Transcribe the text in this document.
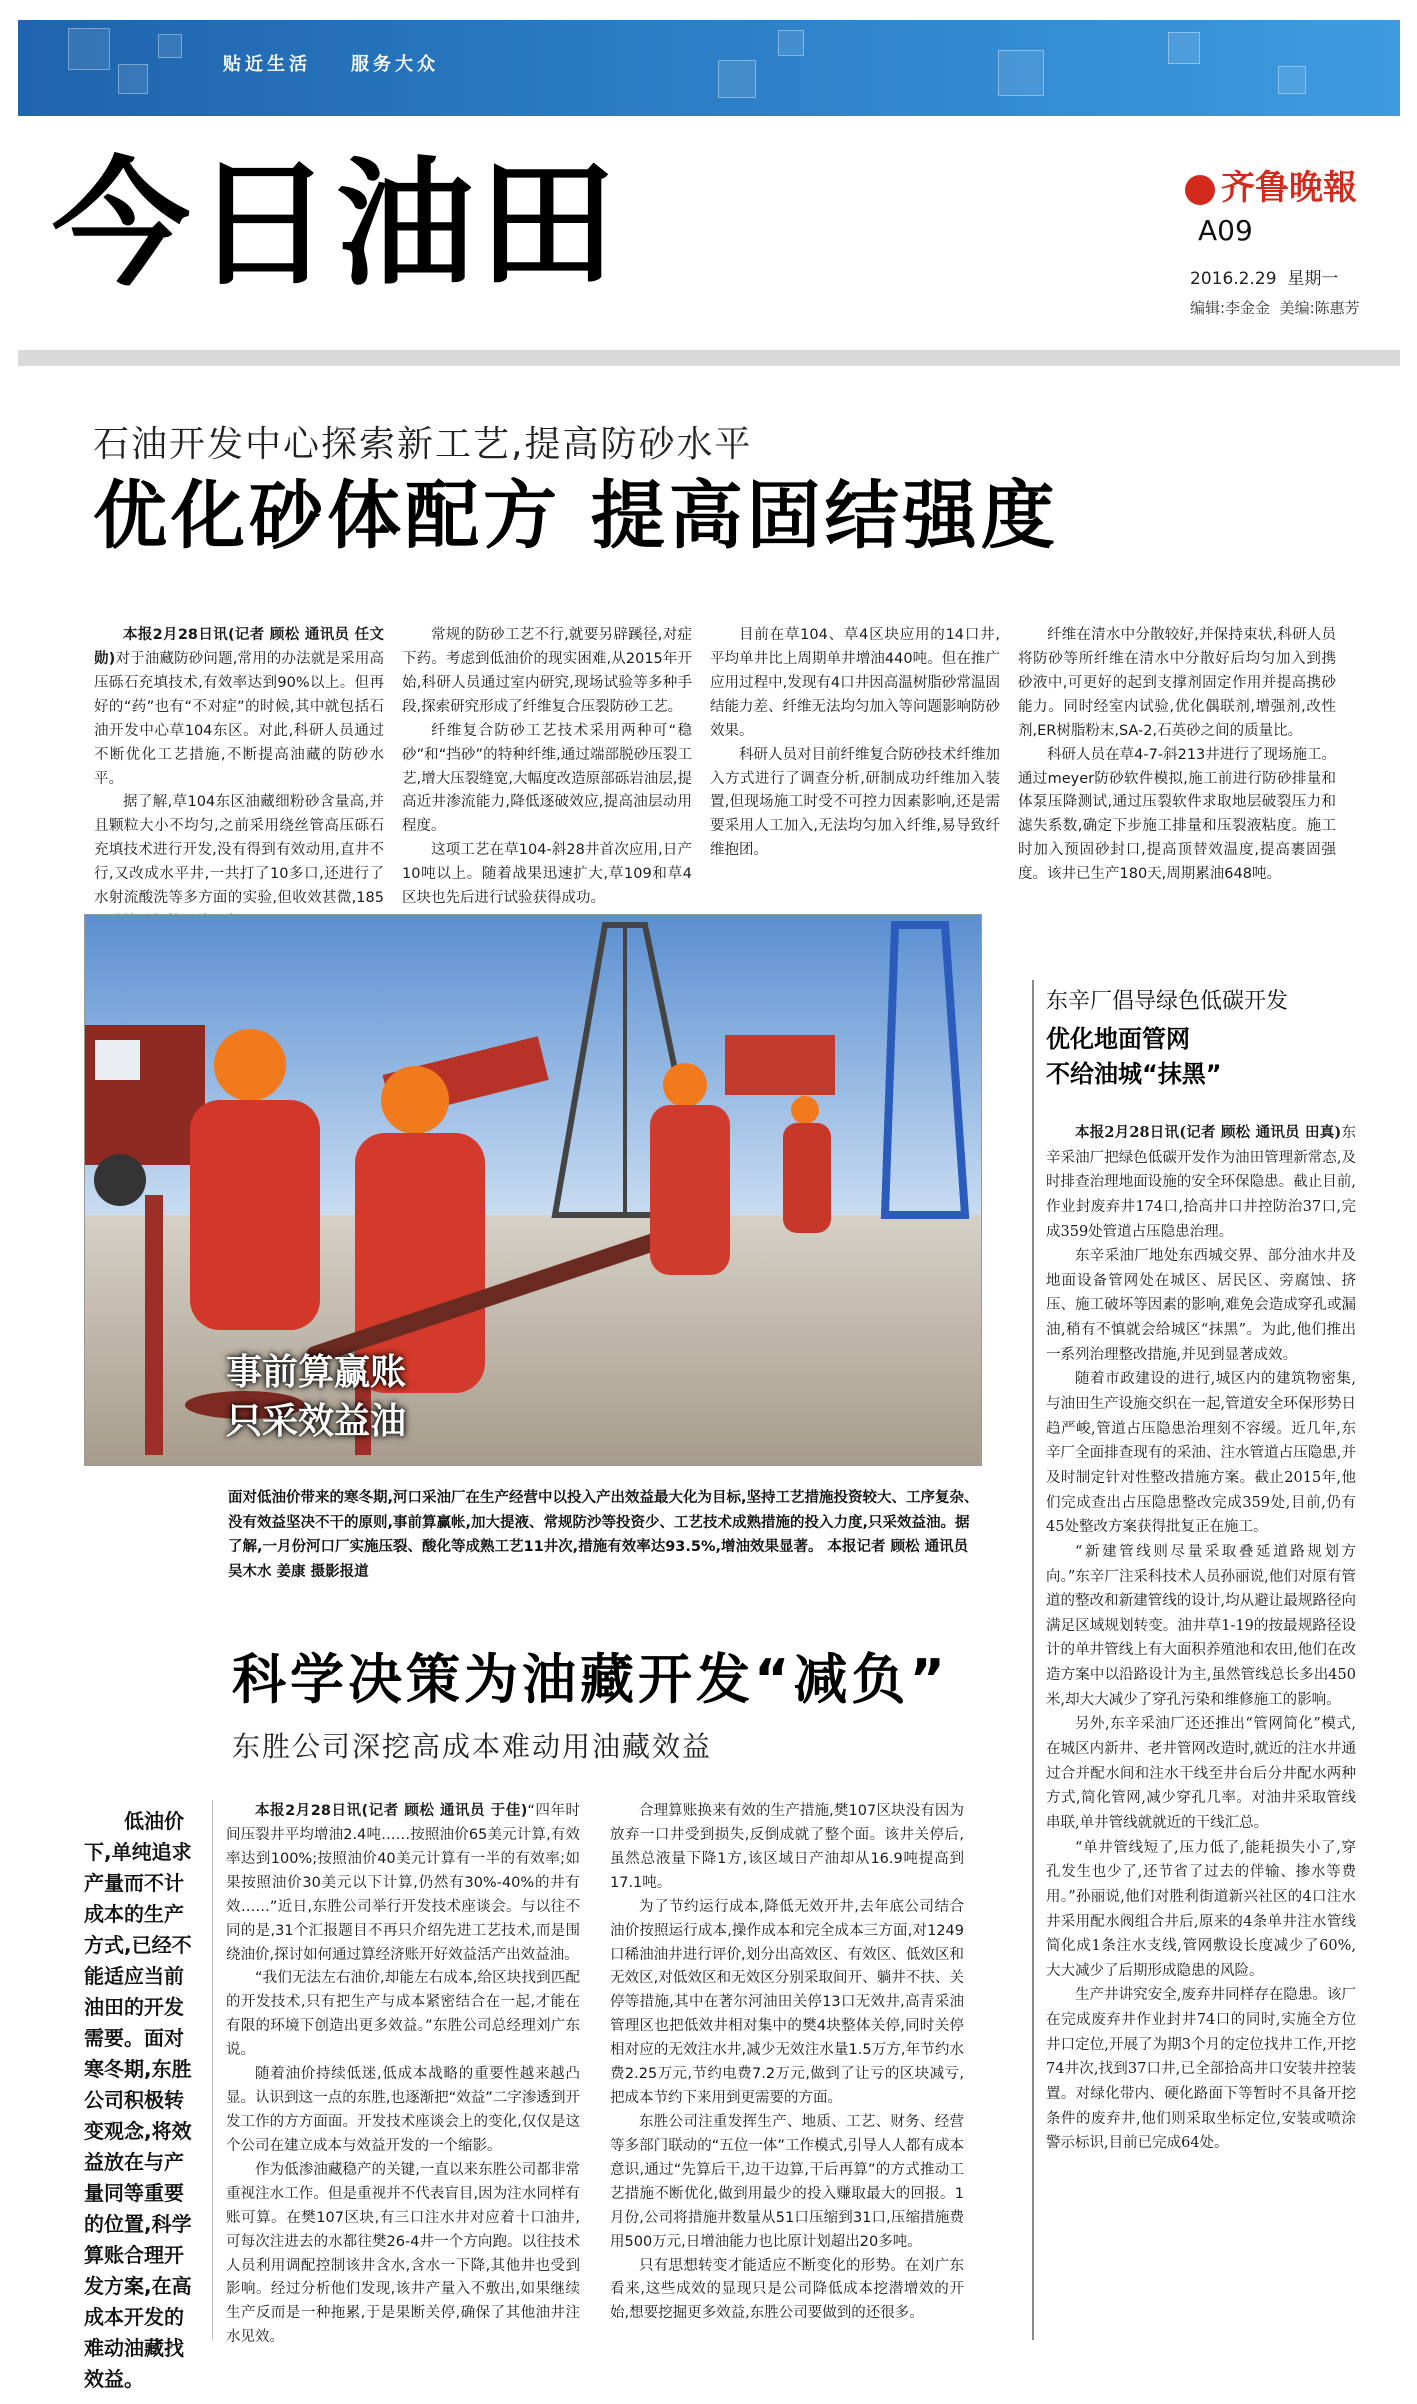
贴近生活 服务大众
今日油田	齐鲁晚報
A09
2016.2.29 星期一
编辑:李金金 美编:陈惠芳
石油开发中心探索新工艺,提高防砂水平
优化砂体配方 提高固结强度

本报2月28日讯(记者 顾松 通讯员 任文勋)对于油藏防砂问题,常用的办法就是采用高压砾石充填技术,有效率达到90%以上。但再好的“药”也有“不对症”的时候,其中就包括石油开发中心草104东区。对此,科研人员通过不断优化工艺措施,不断提高油藏的防砂水平。

据了解,草104东区油藏细粉砂含量高,并且颗粒大小不均匀,之前采用绕丝管高压砾石充填技术进行开发,没有得到有效动用,直井不行,又改成水平井,一共打了10多口,还进行了水射流酸洗等多方面的实验,但收效甚微,185

常规的防砂工艺不行,就要另辟蹊径,对症下药。考虑到低油价的现实困难,从2015年开始,科研人员通过室内研究,现场试验等多种手段,探索研究形成了纤维复合压裂防砂工艺。

纤维复合防砂工艺技术采用两种可“稳砂”和“挡砂”的特种纤维,通过端部脱砂压裂工艺,增大压裂缝宽,大幅度改造原部砾岩油层,提高近井渗流能力,降低逐破效应,提高油层动用程度。

这项工艺在草104-斜28井首次应用,日产10吨以上。随着战果迅速扩大,草109和草4区块也先后进行试验获得成功。

目前在草104、草4区块应用的14口井,平均单井比上周期单井增油440吨。但在推广应用过程中,发现有4口井因高温树脂砂常温固结能力差、纤维无法均匀加入等问题影响防砂效果。

科研人员对目前纤维复合防砂技术纤维加入方式进行了调查分析,研制成功纤维加入装置,但现场施工时受不可控力因素影响,还是需要采用人工加入,无法均匀加入纤维,易导致纤维抱团。

纤维在清水中分散较好,并保持束状,科研人员将防砂等所纤维在清水中分散好后均匀加入到携砂液中,可更好的起到支撑剂固定作用并提高携砂能力。同时经室内试验,优化偶联剂,增强剂,改性剂,ER树脂粉末,SA-2,石英砂之间的质量比。

科研人员在草4-7-斜213井进行了现场施工。通过meyer防砂软件模拟,施工前进行防砂排量和体泵压降测试,通过压裂软件求取地层破裂压力和滤失系数,确定下步施工排量和压裂液粘度。施工时加入预固砂封口,提高顶替效温度,提高裹固强度。该井已生产180天,周期累油648吨。

事前算赢账
只采效益油
面对低油价带来的寒冬期,河口采油厂在生产经营中以投入产出效益最大化为目标,坚持工艺措施投资较大、工序复杂、没有效益坚决不干的原则,事前算赢帐,加大提液、常规防沙等投资少、工艺技术成熟措施的投入力度,只采效益油。据了解,一月份河口厂实施压裂、酸化等成熟工艺11井次,措施有效率达93.5%,增油效果显著。 本报记者 顾松 通讯员 吴木水 姜康 摄影报道
东辛厂倡导绿色低碳开发
优化地面管网
不给油城“抹黑”

本报2月28日讯(记者 顾松 通讯员 田真)东辛采油厂把绿色低碳开发作为油田管理新常态,及时排查治理地面设施的安全环保隐患。截止目前,作业封废弃井174口,拾高井口井控防治37口,完成359处管道占压隐患治理。

东辛采油厂地处东西城交界、部分油水井及地面设备管网处在城区、居民区、旁腐蚀、挤压、施工破坏等因素的影响,难免会造成穿孔或漏油,稍有不慎就会给城区“抹黑”。为此,他们推出一系列治理整改措施,并见到显著成效。

随着市政建设的进行,城区内的建筑物密集,与油田生产设施交织在一起,管道安全环保形势日趋严峻,管道占压隐患治理刻不容缓。近几年,东辛厂全面排查现有的采油、注水管道占压隐患,并及时制定针对性整改措施方案。截止2015年,他们完成查出占压隐患整改完成359处,目前,仍有45处整改方案获得批复正在施工。

“新建管线则尽量采取叠延道路规划方向。”东辛厂注采科技术人员孙丽说,他们对原有管道的整改和新建管线的设计,均从避让最规路径向满足区域规划转变。油井草1-19的按最规路径设计的单井管线上有大面积养殖池和农田,他们在改造方案中以沿路设计为主,虽然管线总长多出450米,却大大减少了穿孔污染和维修施工的影响。

另外,东辛采油厂还还推出“管网简化”模式,在城区内新井、老井管网改造时,就近的注水井通过合并配水间和注水干线至井台后分井配水两种方式,简化管网,减少穿孔几率。对油井采取管线串联,单井管线就就近的干线汇总。

“单井管线短了,压力低了,能耗损失小了,穿孔发生也少了,还节省了过去的伴输、掺水等费用。”孙丽说,他们对胜利街道新兴社区的4口注水井采用配水阀组合井后,原来的4条单井注水管线简化成1条注水支线,管网敷设长度减少了60%,大大减少了后期形成隐患的风险。

生产井讲究安全,废弃井同样存在隐患。该厂在完成废弃井作业封井74口的同时,实施全方位井口定位,开展了为期3个月的定位找井工作,开挖74井次,找到37口井,已全部拾高井口安装井控装置。对绿化带内、硬化路面下等暂时不具备开挖条件的废弃井,他们则采取坐标定位,安装或喷涂警示标识,目前已完成64处。

科学决策为油藏开发“减负”
东胜公司深挖高成本难动用油藏效益

低油价下,单纯追求产量而不计成本的生产方式,已经不能适应当前油田的开发需要。面对寒冬期,东胜公司积极转变观念,将效益放在与产量同等重要的位置,科学算账合理开发方案,在高成本开发的难动油藏找效益。

本报2月28日讯(记者 顾松 通讯员 于佳)“四年时间压裂井平均增油2.4吨……按照油价65美元计算,有效率达到100%;按照油价40美元计算有一半的有效率;如果按照油价30美元以下计算,仍然有30%-40%的井有效……”近日,东胜公司举行开发技术座谈会。与以往不同的是,31个汇报题目不再只介绍先进工艺技术,而是围绕油价,探讨如何通过算经济账开好效益活产出效益油。

“我们无法左右油价,却能左右成本,给区块找到匹配的开发技术,只有把生产与成本紧密结合在一起,才能在有限的环境下创造出更多效益。”东胜公司总经理刘广东说。

随着油价持续低迷,低成本战略的重要性越来越凸显。认识到这一点的东胜,也逐渐把“效益”二字渗透到开发工作的方方面面。开发技术座谈会上的变化,仅仅是这个公司在建立成本与效益开发的一个缩影。

作为低渗油藏稳产的关键,一直以来东胜公司都非常重视注水工作。但是重视并不代表盲目,因为注水同样有账可算。在樊107区块,有三口注水井对应着十口油井,可每次注进去的水都往樊26-4井一个方向跑。以往技术人员利用调配控制该井含水,含水一下降,其他井也受到影响。经过分析他们发现,该井产量入不敷出,如果继续生产反而是一种拖累,于是果断关停,确保了其他油井注水见效。

合理算账换来有效的生产措施,樊107区块没有因为放弃一口井受到损失,反倒成就了整个面。该井关停后,虽然总液量下降1方,该区域日产油却从16.9吨提高到17.1吨。

为了节约运行成本,降低无效开井,去年底公司结合油价按照运行成本,操作成本和完全成本三方面,对1249口稀油油井进行评价,划分出高效区、有效区、低效区和无效区,对低效区和无效区分别采取间开、躺井不扶、关停等措施,其中在著尔河油田关停13口无效井,高青采油管理区也把低效井相对集中的樊4块整体关停,同时关停相对应的无效注水井,减少无效注水量1.5万方,年节约水费2.25万元,节约电费7.2万元,做到了让亏的区块减亏,把成本节约下来用到更需要的方面。

东胜公司注重发挥生产、地质、工艺、财务、经营等多部门联动的“五位一体”工作模式,引导人人都有成本意识,通过“先算后干,边干边算,干后再算”的方式推动工艺措施不断优化,做到用最少的投入赚取最大的回报。1月份,公司将措施井数量从51口压缩到31口,压缩措施费用500万元,日增油能力也比原计划超出20多吨。

只有思想转变才能适应不断变化的形势。在刘广东看来,这些成效的显现只是公司降低成本挖潜增效的开始,想要挖掘更多效益,东胜公司要做到的还很多。
